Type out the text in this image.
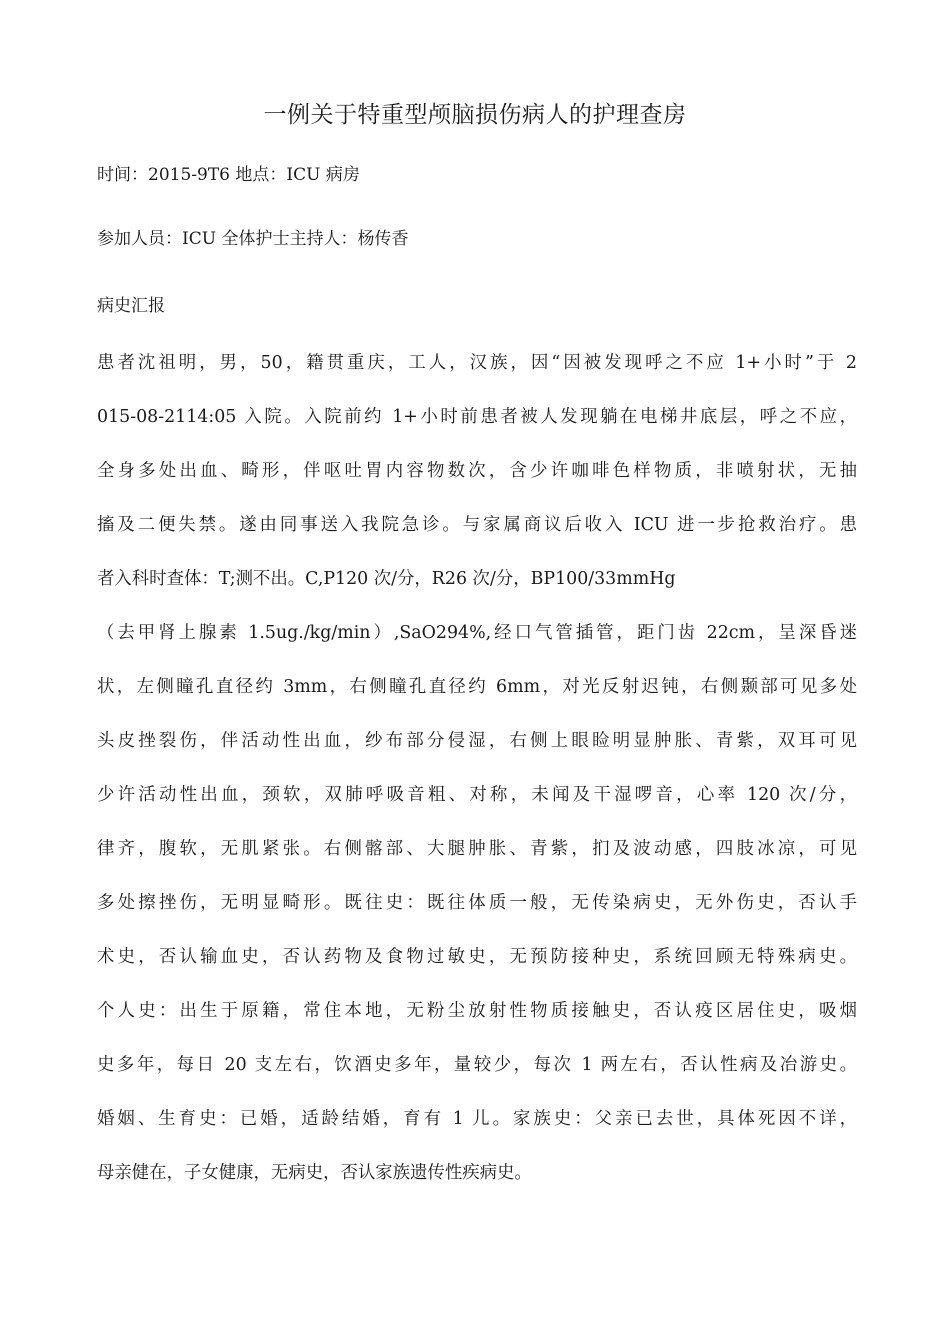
一例关于特重型颅脑损伤病人的护理查房

时间：2015-9T6 地点：ICU 病房

参加人员：ICU 全体护士主持人：杨传香

病史汇报

患者沈祖明，男，50，籍贯重庆，工人，汉族，因“因被发现呼之不应 1+小时”于 2
015-08-2114:05 入院。入院前约 1+小时前患者被人发现躺在电梯井底层，呼之不应，
全身多处出血、畸形，伴呕吐胃内容物数次，含少许咖啡色样物质，非喷射状，无抽
搐及二便失禁。遂由同事送入我院急诊。与家属商议后收入 ICU 进一步抢救治疗。患
者入科时查体：T;测不出。C,P120 次/分，R26 次/分，BP100/33mmHg
（去甲肾上腺素 1.5ug./kg/min）,SaO294%,经口气管插管，距门齿 22cm，呈深昏迷
状，左侧瞳孔直径约 3mm，右侧瞳孔直径约 6mm，对光反射迟钝，右侧颞部可见多处
头皮挫裂伤，伴活动性出血，纱布部分侵湿，右侧上眼睑明显肿胀、青紫，双耳可见
少许活动性出血，颈软，双肺呼吸音粗、对称，未闻及干湿啰音，心率 120 次/分，
律齐，腹软，无肌紧张。右侧髂部、大腿肿胀、青紫，扪及波动感，四肢冰凉，可见
多处擦挫伤，无明显畸形。既往史：既往体质一般，无传染病史，无外伤史，否认手
术史，否认输血史，否认药物及食物过敏史，无预防接种史，系统回顾无特殊病史。
个人史：出生于原籍，常住本地，无粉尘放射性物质接触史，否认疫区居住史，吸烟
史多年，每日 20 支左右，饮酒史多年，量较少，每次 1 两左右，否认性病及冶游史。
婚姻、生育史：已婚，适龄结婚，育有 1 儿。家族史：父亲已去世，具体死因不详，
母亲健在，子女健康，无病史，否认家族遗传性疾病史。
